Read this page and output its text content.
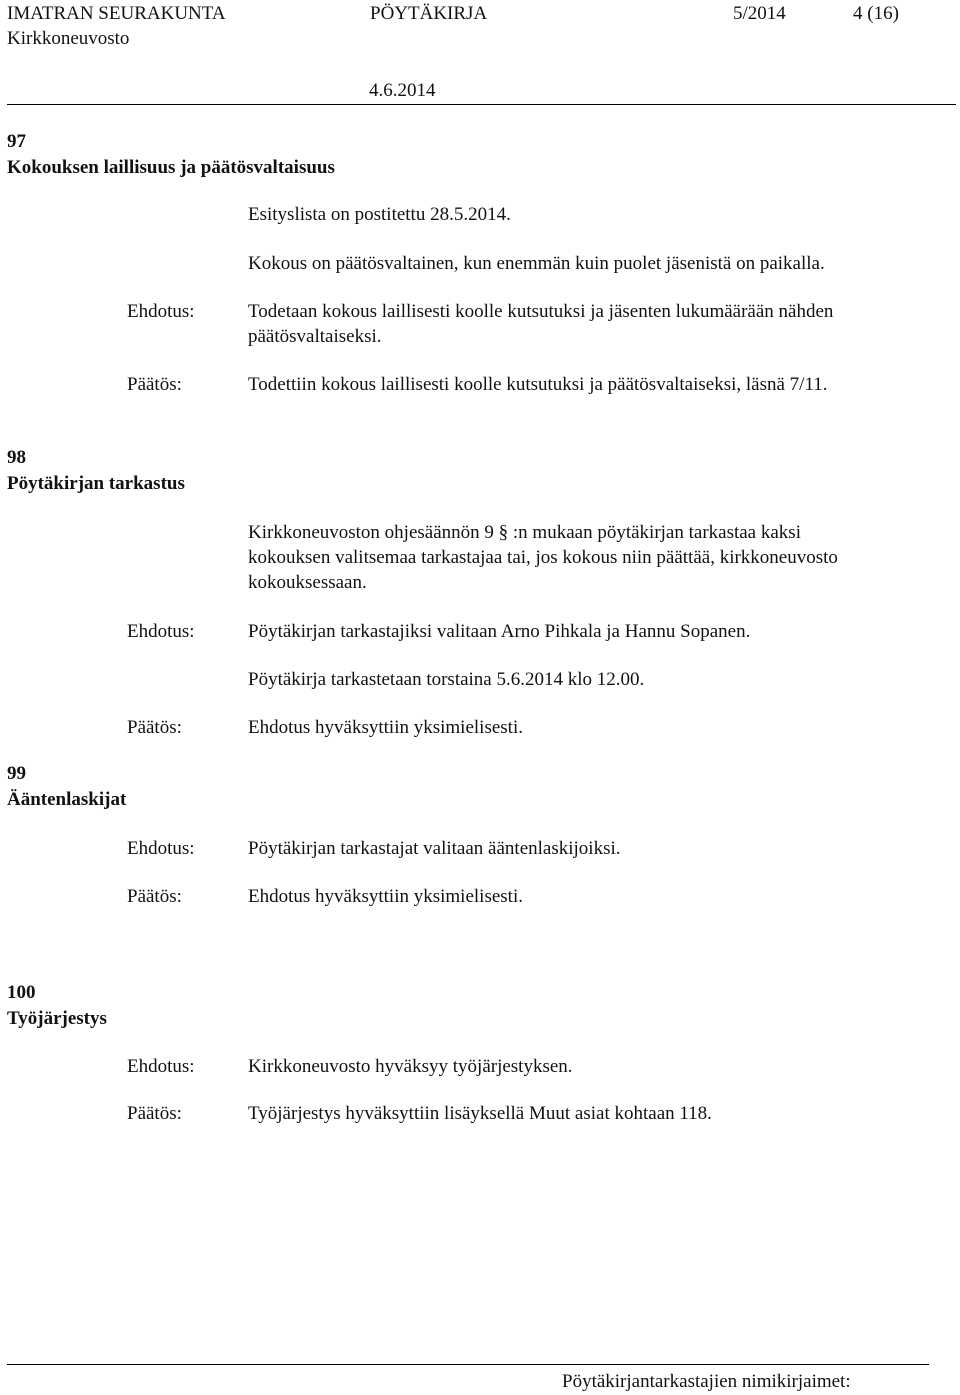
IMATRAN SEURAKUNTA	PÖYTÄKIRJA	5/2014	4 (16)
Kirkkoneuvosto
4.6.2014
97
Kokouksen laillisuus ja päätösvaltaisuus
Esityslista on postitettu 28.5.2014.
Kokous on päätösvaltainen, kun enemmän kuin puolet jäsenistä on paikalla.
Ehdotus:	Todetaan kokous laillisesti koolle kutsutuksi ja jäsenten lukumäärään nähden
päätösvaltaiseksi.
Päätös:	Todettiin kokous laillisesti koolle kutsutuksi ja päätösvaltaiseksi, läsnä 7/11.
98
Pöytäkirjan tarkastus
Kirkkoneuvoston ohjesäännön 9 § :n mukaan pöytäkirjan tarkastaa kaksi
kokouksen valitsemaa tarkastajaa tai, jos kokous niin päättää, kirkkoneuvosto
kokouksessaan.
Ehdotus:	Pöytäkirjan tarkastajiksi valitaan Arno Pihkala ja Hannu Sopanen.
Pöytäkirja tarkastetaan torstaina 5.6.2014 klo 12.00.
Päätös:	Ehdotus hyväksyttiin yksimielisesti.
99
Ääntenlaskijat
Ehdotus:	Pöytäkirjan tarkastajat valitaan ääntenlaskijoiksi.
Päätös:	Ehdotus hyväksyttiin yksimielisesti.
100
Työjärjestys
Ehdotus:	Kirkkoneuvosto hyväksyy työjärjestyksen.
Päätös:	Työjärjestys hyväksyttiin lisäyksellä Muut asiat kohtaan 118.
Pöytäkirjantarkastajien nimikirjaimet:
